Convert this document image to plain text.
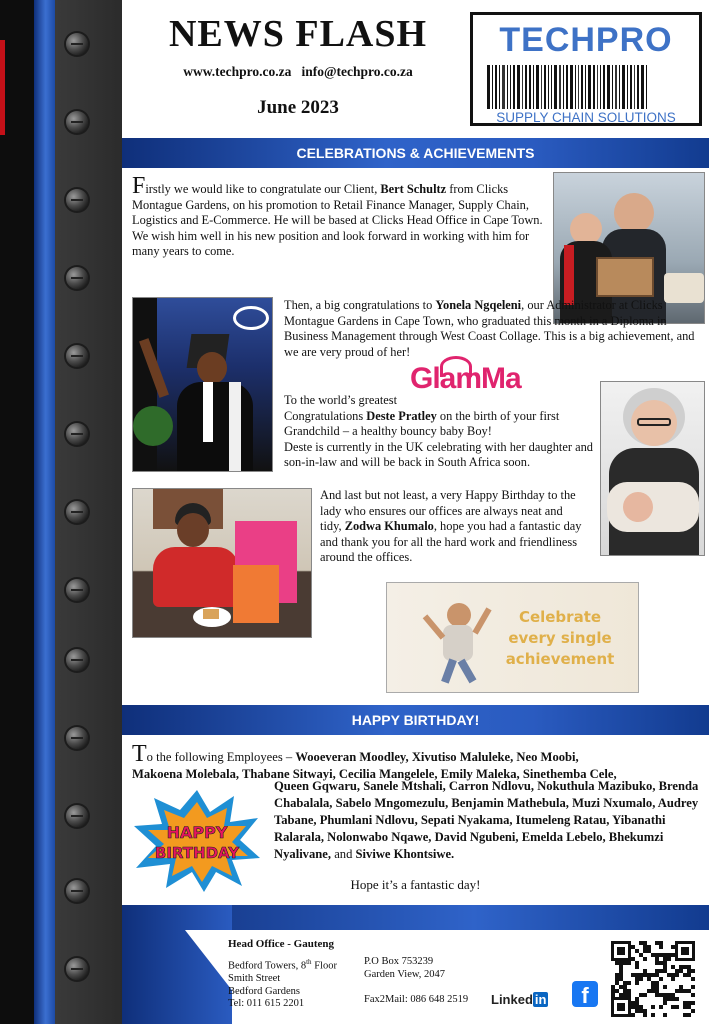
NEWS FLASH
www.techpro.co.za info@techpro.co.za
June 2023
TECHPRO
SUPPLY CHAIN SOLUTIONS
CELEBRATIONS & ACHIEVEMENTS
Firstly we would like to congratulate our Client, Bert Schultz from Clicks Montague Gardens, on his promotion to Retail Finance Manager, Supply Chain, Logistics and E-Commerce. He will be based at Clicks Head Office in Cape Town.
We wish him well in his new position and look forward in working with him for many years to come.
Then, a big congratulations to Yonela Ngqeleni, our Administrator at Clicks Montague Gardens in Cape Town, who graduated this month in a Diploma in Business Management through West Coast Collage. This is a big achievement, and we are very proud of her!
GlamMa
To the world’s greatest
Congratulations Deste Pratley on the birth of your first Grandchild – a healthy bouncy baby Boy!
Deste is currently in the UK celebrating with her daughter and son-in-law and will be back in South Africa soon.
And last but not least, a very Happy Birthday to the lady who ensures our offices are always neat and tidy, Zodwa Khumalo, hope you had a fantastic day and thank you for all the hard work and friendliness around the offices.
Celebrate
every single
achievement
HAPPY BIRTHDAY!
To the following Employees – Wooeveran Moodley, Xivutiso Maluleke, Neo Moobi,
Makoena Molebala, Thabane Sitwayi, Cecilia Mangelele, Emily Maleka, Sinethemba Cele,
HAPPY
BIRTHDAY
Queen Gqwaru, Sanele Mtshali, Carron Ndlovu, Nokuthula Mazibuko, Brenda Chabalala, Sabelo Mngomezulu, Benjamin Mathebula, Muzi Nxumalo, Audrey Tabane, Phumlani Ndlovu, Sepati Nyakama, Itumeleng Ratau, Yibanathi Ralarala, Nolonwabo Nqawe, David Ngubeni, Emelda Lebelo, Bhekumzi Nyalivane, and Siviwe Khontsiwe.
Hope it’s a fantastic day!
Head Office - Gauteng
Bedford Towers, 8th Floor
Smith Street
Bedford Gardens
Tel: 011 615 2201
P.O Box 753239
Garden View, 2047
Fax2Mail: 086 648 2519 Linked in	f
